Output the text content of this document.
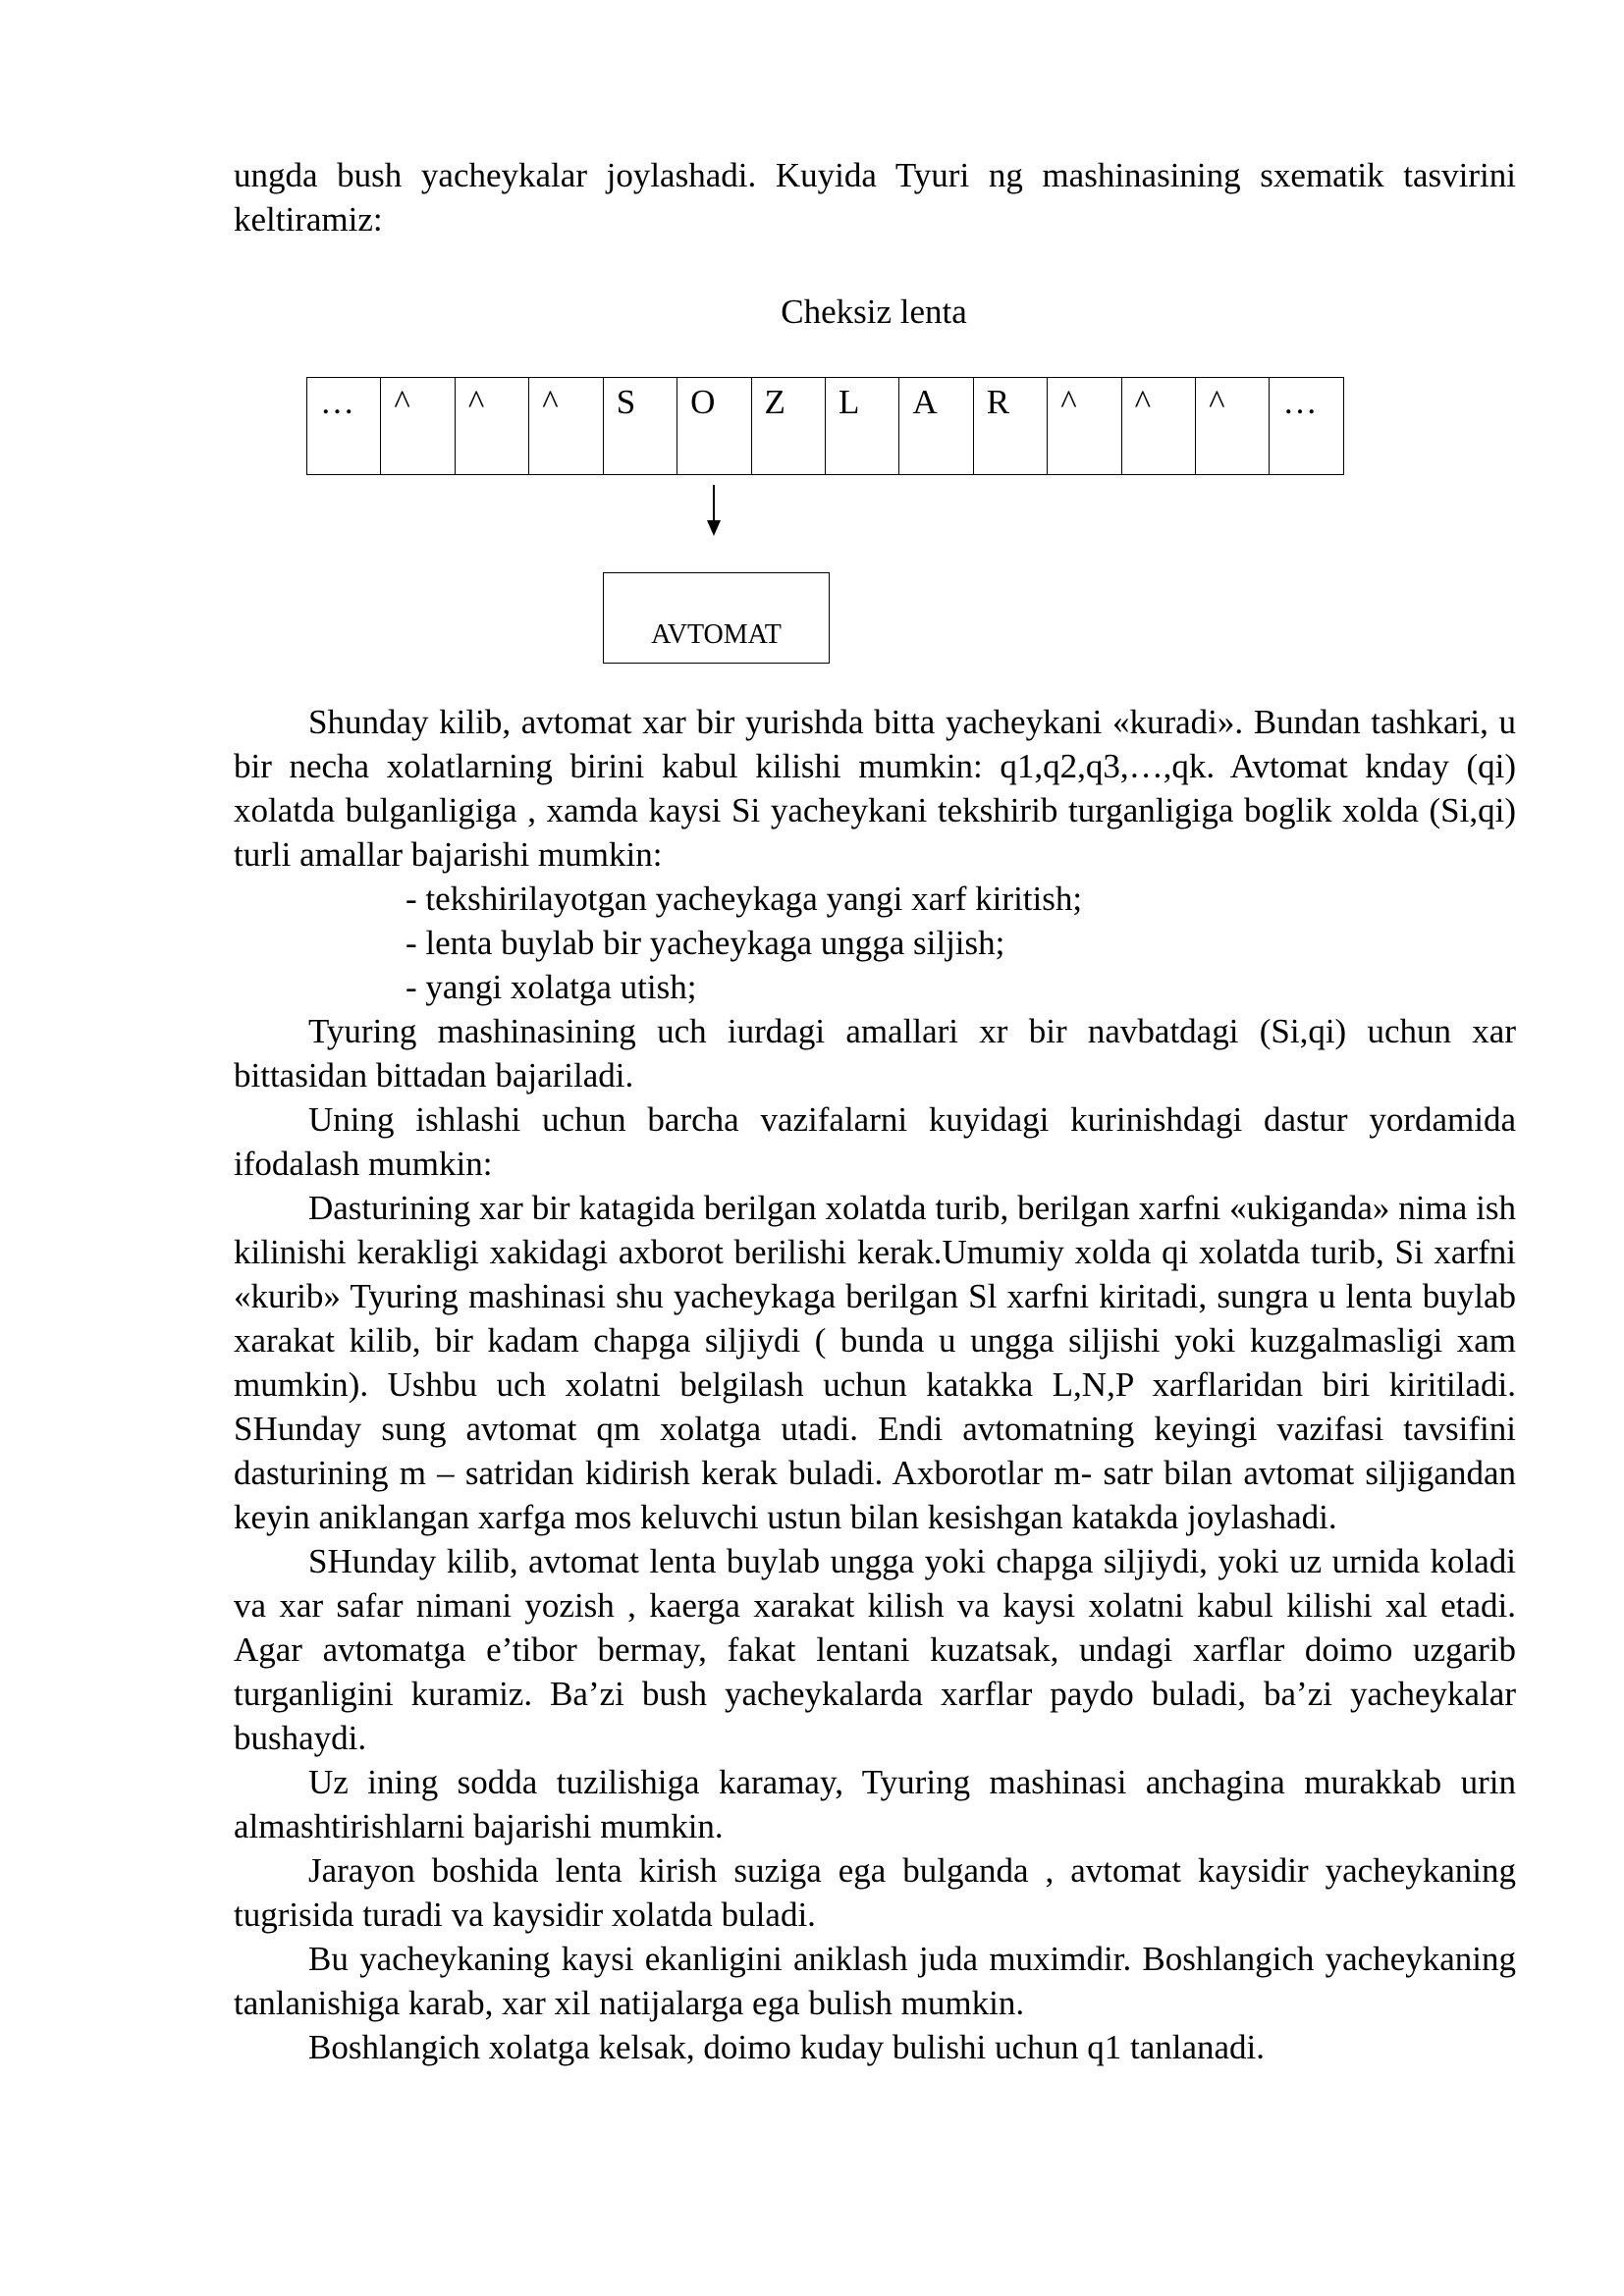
ungda bush yacheykalar joylashadi. Kuyida Tyuri ng mashinasining sxematik tasvirini keltiramiz:

Cheksiz lenta
…	^	^	^	S	O	Z	L	A	R	^	^	^	…
AVTOMAT

Shunday kilib, avtomat xar bir yurishda bitta yacheykani «kuradi». Bundan tashkari, u bir necha xolatlarning birini kabul kilishi mumkin: q1,q2,q3,…,qk. Avtomat knday (qi) xolatda bulganligiga , xamda kaysi Si yacheykani tekshirib turganligiga boglik xolda (Si,qi) turli amallar bajarishi mumkin:

- tekshirilayotgan yacheykaga yangi xarf kiritish;

- lenta buylab bir yacheykaga ungga siljish;

- yangi xolatga utish;

Tyuring mashinasining uch iurdagi amallari xr bir navbatdagi (Si,qi) uchun xar bittasidan bittadan bajariladi.

Uning ishlashi uchun barcha vazifalarni kuyidagi kurinishdagi dastur yordamida ifodalash mumkin:

Dasturining xar bir katagida berilgan xolatda turib, berilgan xarfni «ukiganda» nima ish kilinishi kerakligi xakidagi axborot berilishi kerak.Umumiy xolda qi xolatda turib, Si xarfni «kurib» Tyuring mashinasi shu yacheykaga berilgan Sl xarfni kiritadi, sungra u lenta buylab xarakat kilib, bir kadam chapga siljiydi ( bunda u ungga siljishi yoki kuzgalmasligi xam mumkin). Ushbu uch xolatni belgilash uchun katakka L,N,P xarflaridan biri kiritiladi. SHunday sung avtomat qm xolatga utadi. Endi avtomatning keyingi vazifasi tavsifini dasturining m – satridan kidirish kerak buladi. Axborotlar m- satr bilan avtomat siljigandan keyin aniklangan xarfga mos keluvchi ustun bilan kesishgan katakda joylashadi.

SHunday kilib, avtomat lenta buylab ungga yoki chapga siljiydi, yoki uz urnida koladi va xar safar nimani yozish , kaerga xarakat kilish va kaysi xolatni kabul kilishi xal etadi. Agar avtomatga e’tibor bermay, fakat lentani kuzatsak, undagi xarflar doimo uzgarib turganligini kuramiz. Ba’zi bush yacheykalarda xarflar paydo buladi, ba’zi yacheykalar bushaydi.

Uz ining sodda tuzilishiga karamay, Tyuring mashinasi anchagina murakkab urin almashtirishlarni bajarishi mumkin.

Jarayon boshida lenta kirish suziga ega bulganda , avtomat kaysidir yacheykaning tugrisida turadi va kaysidir xolatda buladi.

Bu yacheykaning kaysi ekanligini aniklash juda muximdir. Boshlangich yacheykaning tanlanishiga karab, xar xil natijalarga ega bulish mumkin.

Boshlangich xolatga kelsak, doimo kuday bulishi uchun q1 tanlanadi.
